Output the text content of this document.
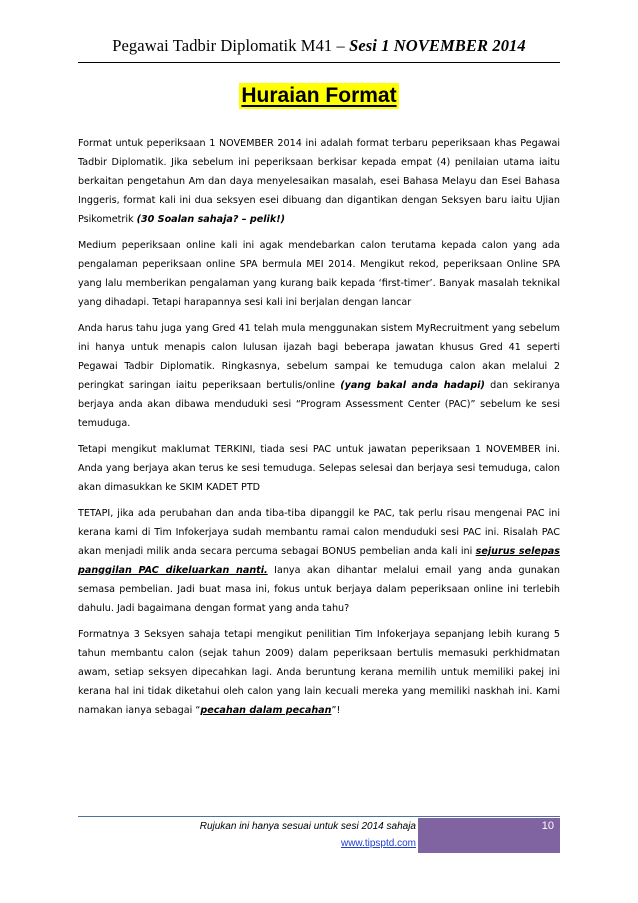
Pegawai Tadbir Diplomatik M41 – Sesi 1 NOVEMBER 2014
Huraian Format

Format untuk peperiksaan 1 NOVEMBER 2014 ini adalah format terbaru peperiksaan khas Pegawai Tadbir Diplomatik. Jika sebelum ini peperiksaan berkisar kepada empat (4) penilaian utama iaitu berkaitan pengetahun Am dan daya menyelesaikan masalah, esei Bahasa Melayu dan Esei Bahasa Inggeris, format kali ini dua seksyen esei dibuang dan digantikan dengan Seksyen baru iaitu Ujian Psikometrik (30 Soalan sahaja? – pelik!)

Medium peperiksaan online kali ini agak mendebarkan calon terutama kepada calon yang ada pengalaman peperiksaan online SPA bermula MEI 2014. Mengikut rekod, peperiksaan Online SPA yang lalu memberikan pengalaman yang kurang baik kepada ‘first-timer’. Banyak masalah teknikal yang dihadapi. Tetapi harapannya sesi kali ini berjalan dengan lancar

Anda harus tahu juga yang Gred 41 telah mula menggunakan sistem MyRecruitment yang sebelum ini hanya untuk menapis calon lulusan ijazah bagi beberapa jawatan khusus Gred 41 seperti Pegawai Tadbir Diplomatik. Ringkasnya, sebelum sampai ke temuduga calon akan melalui 2 peringkat saringan iaitu peperiksaan bertulis/online (yang bakal anda hadapi) dan sekiranya berjaya anda akan dibawa menduduki sesi “Program Assessment Center (PAC)” sebelum ke sesi temuduga.

Tetapi mengikut maklumat TERKINI, tiada sesi PAC untuk jawatan peperiksaan 1 NOVEMBER ini. Anda yang berjaya akan terus ke sesi temuduga. Selepas selesai dan berjaya sesi temuduga, calon akan dimasukkan ke SKIM KADET PTD

TETAPI, jika ada perubahan dan anda tiba-tiba dipanggil ke PAC, tak perlu risau mengenai PAC ini kerana kami di Tim Infokerjaya sudah membantu ramai calon menduduki sesi PAC ini. Risalah PAC akan menjadi milik anda secara percuma sebagai BONUS pembelian anda kali ini sejurus selepas panggilan PAC dikeluarkan nanti. Ianya akan dihantar melalui email yang anda gunakan semasa pembelian. Jadi buat masa ini, fokus untuk berjaya dalam peperiksaan online ini terlebih dahulu. Jadi bagaimana dengan format yang anda tahu?

Formatnya 3 Seksyen sahaja tetapi mengikut penilitian Tim Infokerjaya sepanjang lebih kurang 5 tahun membantu calon (sejak tahun 2009) dalam peperiksaan bertulis memasuki perkhidmatan awam, setiap seksyen dipecahkan lagi. Anda beruntung kerana memilih untuk memiliki pakej ini kerana hal ini tidak diketahui oleh calon yang lain kecuali mereka yang memiliki naskhah ini. Kami namakan ianya sebagai “pecahan dalam pecahan”!

Rujukan ini hanya sesuai untuk sesi 2014 sahaja
www.tipsptd.com
10
